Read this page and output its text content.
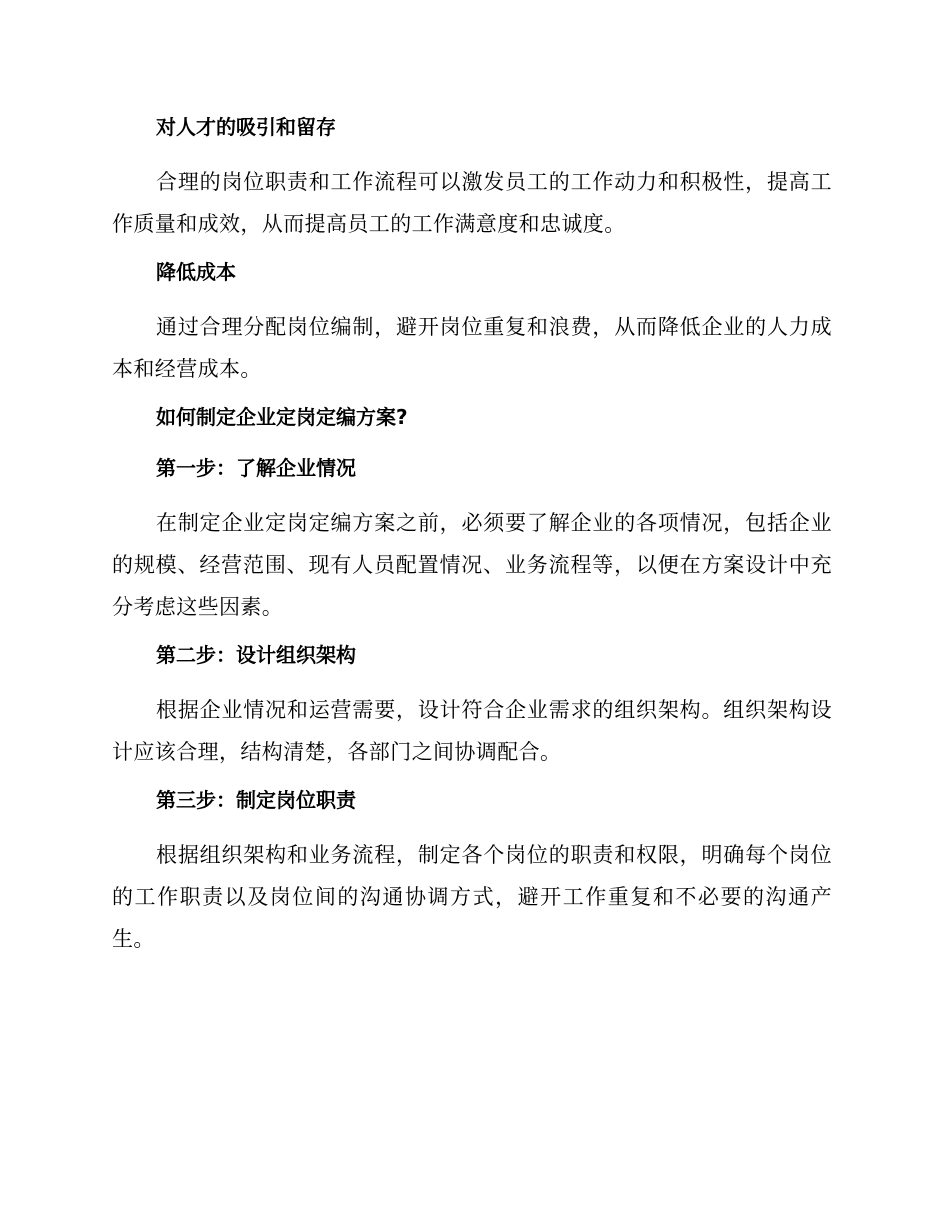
对人才的吸引和留存

合理的岗位职责和工作流程可以激发员工的工作动力和积极性，提高工作质量和成效，从而提高员工的工作满意度和忠诚度。

降低成本

通过合理分配岗位编制，避开岗位重复和浪费，从而降低企业的人力成本和经营成本。

如何制定企业定岗定编方案?
第一步：了解企业情况

在制定企业定岗定编方案之前，必须要了解企业的各项情况，包括企业的规模、经营范围、现有人员配置情况、业务流程等，以便在方案设计中充分考虑这些因素。

第二步：设计组织架构

根据企业情况和运营需要，设计符合企业需求的组织架构。组织架构设计应该合理，结构清楚，各部门之间协调配合。

第三步：制定岗位职责

根据组织架构和业务流程，制定各个岗位的职责和权限，明确每个岗位的工作职责以及岗位间的沟通协调方式，避开工作重复和不必要的沟通产生。
